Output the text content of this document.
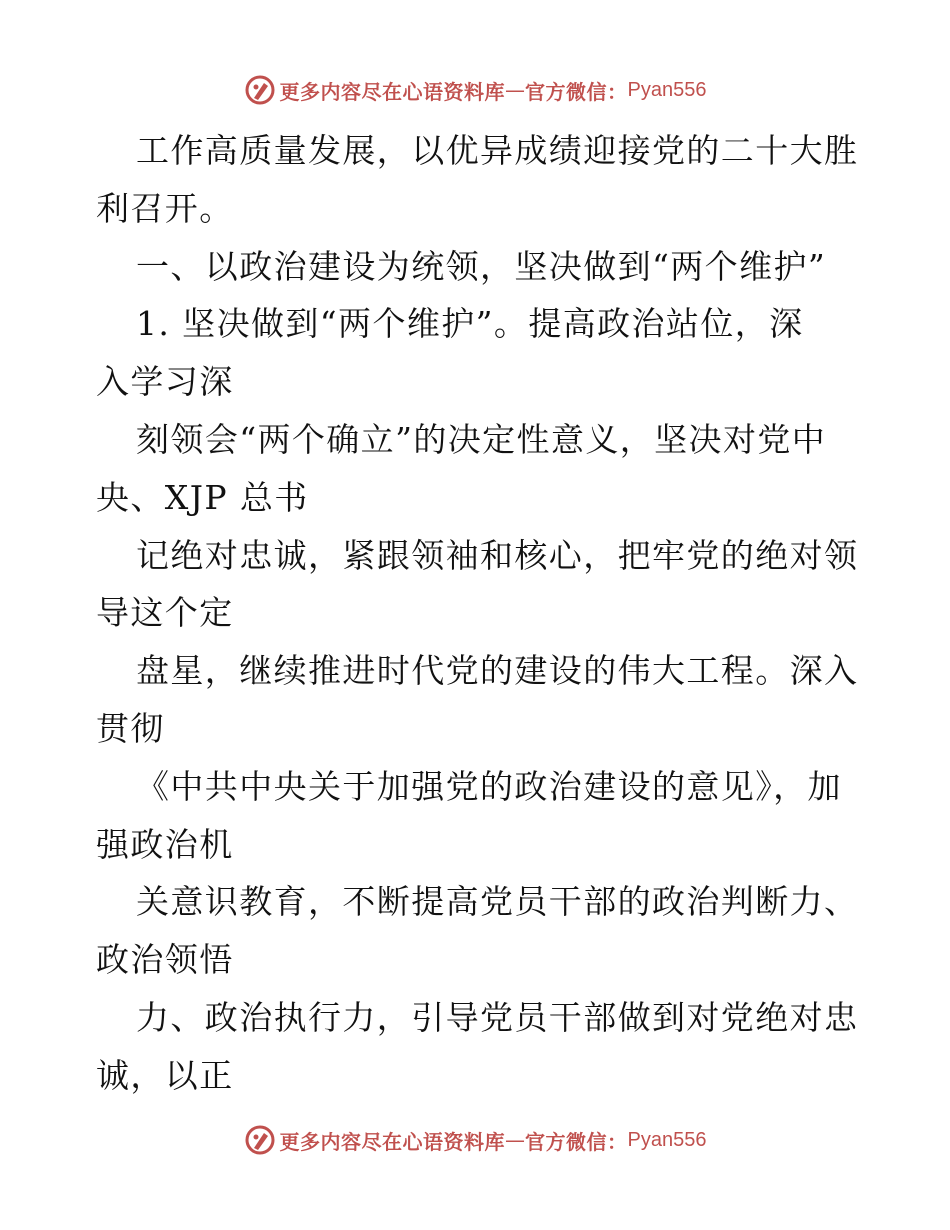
更多内容尽在心语资料库 — 官方微信： Pyan556
工作高质量发展，以优异成绩迎接党的二十大胜
利召开。
一、以政治建设为统领，坚决做到“两个维护”
1. 坚决做到“两个维护”。提高政治站位，深
入学习深
刻领会“两个确立”的决定性意义，坚决对党中
央、XJP 总书
记绝对忠诚，紧跟领袖和核心，把牢党的绝对领
导这个定
盘星，继续推进时代党的建设的伟大工程。深入
贯彻
《中共中央关于加强党的政治建设的意见》，加
强政治机
关意识教育，不断提高党员干部的政治判断力、
政治领悟
力、政治执行力，引导党员干部做到对党绝对忠
诚，以正
更多内容尽在心语资料库 — 官方微信： Pyan556
